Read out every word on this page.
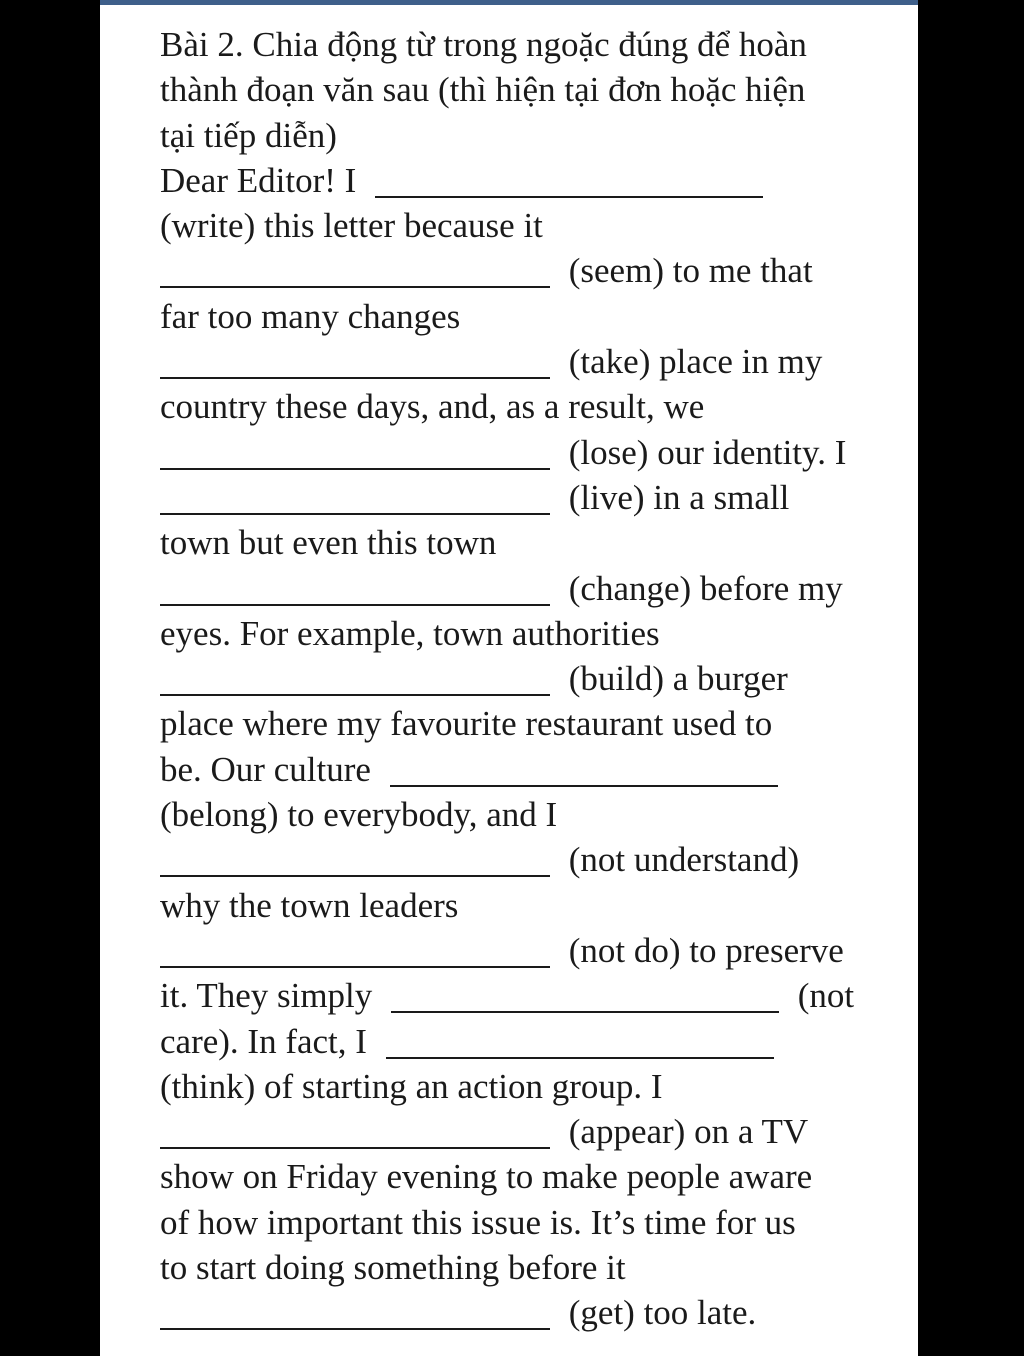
Bài 2. Chia động từ trong ngoặc đúng để hoàn
thành đoạn văn sau (thì hiện tại đơn hoặc hiện
tại tiếp diễn)
Dear Editor! I
(write) this letter because it
(seem) to me that
far too many changes
(take) place in my
country these days, and, as a result, we
(lose) our identity. I
(live) in a small
town but even this town
(change) before my
eyes. For example, town authorities
(build) a burger
place where my favourite restaurant used to
be. Our culture
(belong) to everybody, and I
(not understand)
why the town leaders
(not do) to preserve
it. They simply	(not
care). In fact, I
(think) of starting an action group. I
(appear) on a TV
show on Friday evening to make people aware
of how important this issue is. It’s time for us
to start doing something before it
(get) too late.
